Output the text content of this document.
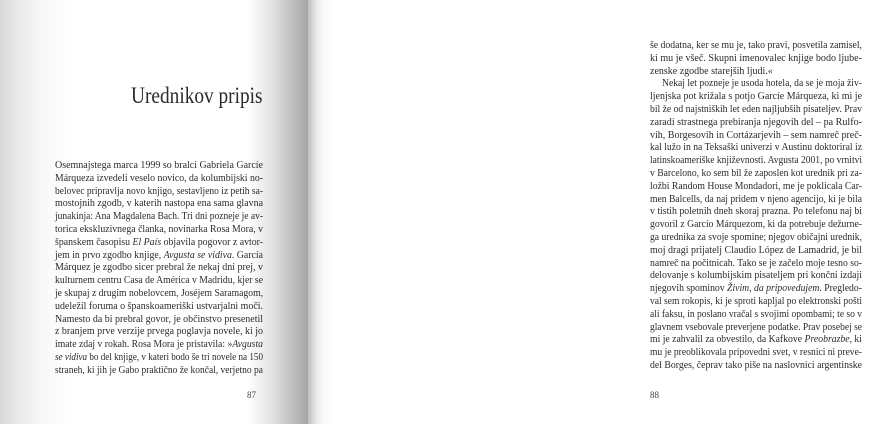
Urednikov pripis
Osemnajstega marca 1999 so bralci Gabriela Garcíe
Márqueza izvedeli veselo novico, da kolumbijski no-
belovec pripravlja novo knjigo, sestavljeno iz petih sa-
mostojnih zgodb, v katerih nastopa ena sama glavna
junakinja: Ana Magdalena Bach. Tri dni pozneje je av-
torica ekskluzivnega članka, novinarka Rosa Mora, v
španskem časopisu El País objavila pogovor z avtor-
jem in prvo zgodbo knjige, Avgusta se vidiva. García
Márquez je zgodbo sicer prebral že nekaj dni prej, v
kulturnem centru Casa de América v Madridu, kjer se
je skupaj z drugim nobelovcem, Joséjem Saramagom,
udeležil foruma o španskoameriški ustvarjalni moči.
Namesto da bi prebral govor, je občinstvo presenetil
z branjem prve verzije prvega poglavja novele, ki jo
imate zdaj v rokah. Rosa Mora je pristavila: »Avgusta
se vidiva bo del knjige, v kateri bodo še tri novele na 150
straneh, ki jih je Gabo praktično že končal, verjetno pa
87
še dodatna, ker se mu je, tako pravi, posvetila zamisel,
ki mu je všeč. Skupni imenovalec knjige bodo ljube-
zenske zgodbe starejših ljudi.«
Nekaj let pozneje je usoda hotela, da se je moja živ-
ljenjska pot križala s potjo Garcíe Márqueza, ki mi je
bil že od najstniških let eden najljubših pisateljev. Prav
zaradi strastnega prebiranja njegovih del – pa Rulfo-
vih, Borgesovih in Cortázarjevih – sem namreč preč-
kal lužo in na Teksaški univerzi v Austinu doktoriral iz
latinskoameriške književnosti. Avgusta 2001, po vrnitvi
v Barcelono, ko sem bil že zaposlen kot urednik pri za-
ložbi Random House Mondadori, me je poklicala Car-
men Balcells, da naj pridem v njeno agencijo, ki je bila
v tistih poletnih dneh skoraj prazna. Po telefonu naj bi
govoril z Garcío Márquezom, ki da potrebuje dežurne-
ga urednika za svoje spomine; njegov običajni urednik,
moj dragi prijatelj Claudio López de Lamadrid, je bil
namreč na počitnicah. Tako se je začelo moje tesno so-
delovanje s kolumbijskim pisateljem pri končni izdaji
njegovih spominov Živim, da pripovedujem. Pregledo-
val sem rokopis, ki je sproti kapljal po elektronski pošti
ali faksu, in poslano vračal s svojimi opombami; te so v
glavnem vsebovale preverjene podatke. Prav posebej se
mi je zahvalil za obvestilo, da Kafkove Preobrazbe, ki
mu je preoblikovala pripovedni svet, v resnici ni preve-
del Borges, čeprav tako piše na naslovnici argentinske
88
